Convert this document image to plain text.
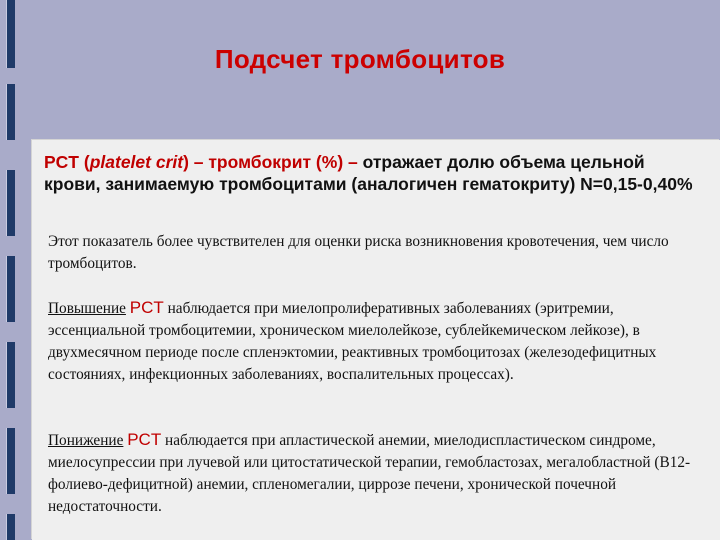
Подсчет тромбоцитов
PCT (platelet crit) – тромбокрит (%) – отражает долю объема цельной крови, занимаемую тромбоцитами (аналогичен гематокриту) N=0,15-0,40%
Этот показатель более чувствителен для оценки риска возникновения кровотечения, чем число тромбоцитов.
Повышение PCT наблюдается при миелопролиферативных заболеваниях (эритремии, эссенциальной тромбоцитемии, хроническом миелолейкозе, сублейкемическом лейкозе), в двухмесячном периоде после спленэктомии, реактивных тромбоцитозах (железодефицитных состояниях, инфекционных заболеваниях, воспалительных процессах).
Понижение PCT наблюдается при апластической анемии, миелодиспластическом синдроме, миелосупрессии при лучевой или цитостатической терапии, гемобластозах, мегалобластной (В12-фолиево-дефицитной) анемии, спленомегалии, циррозе печени, хронической почечной недостаточности.
